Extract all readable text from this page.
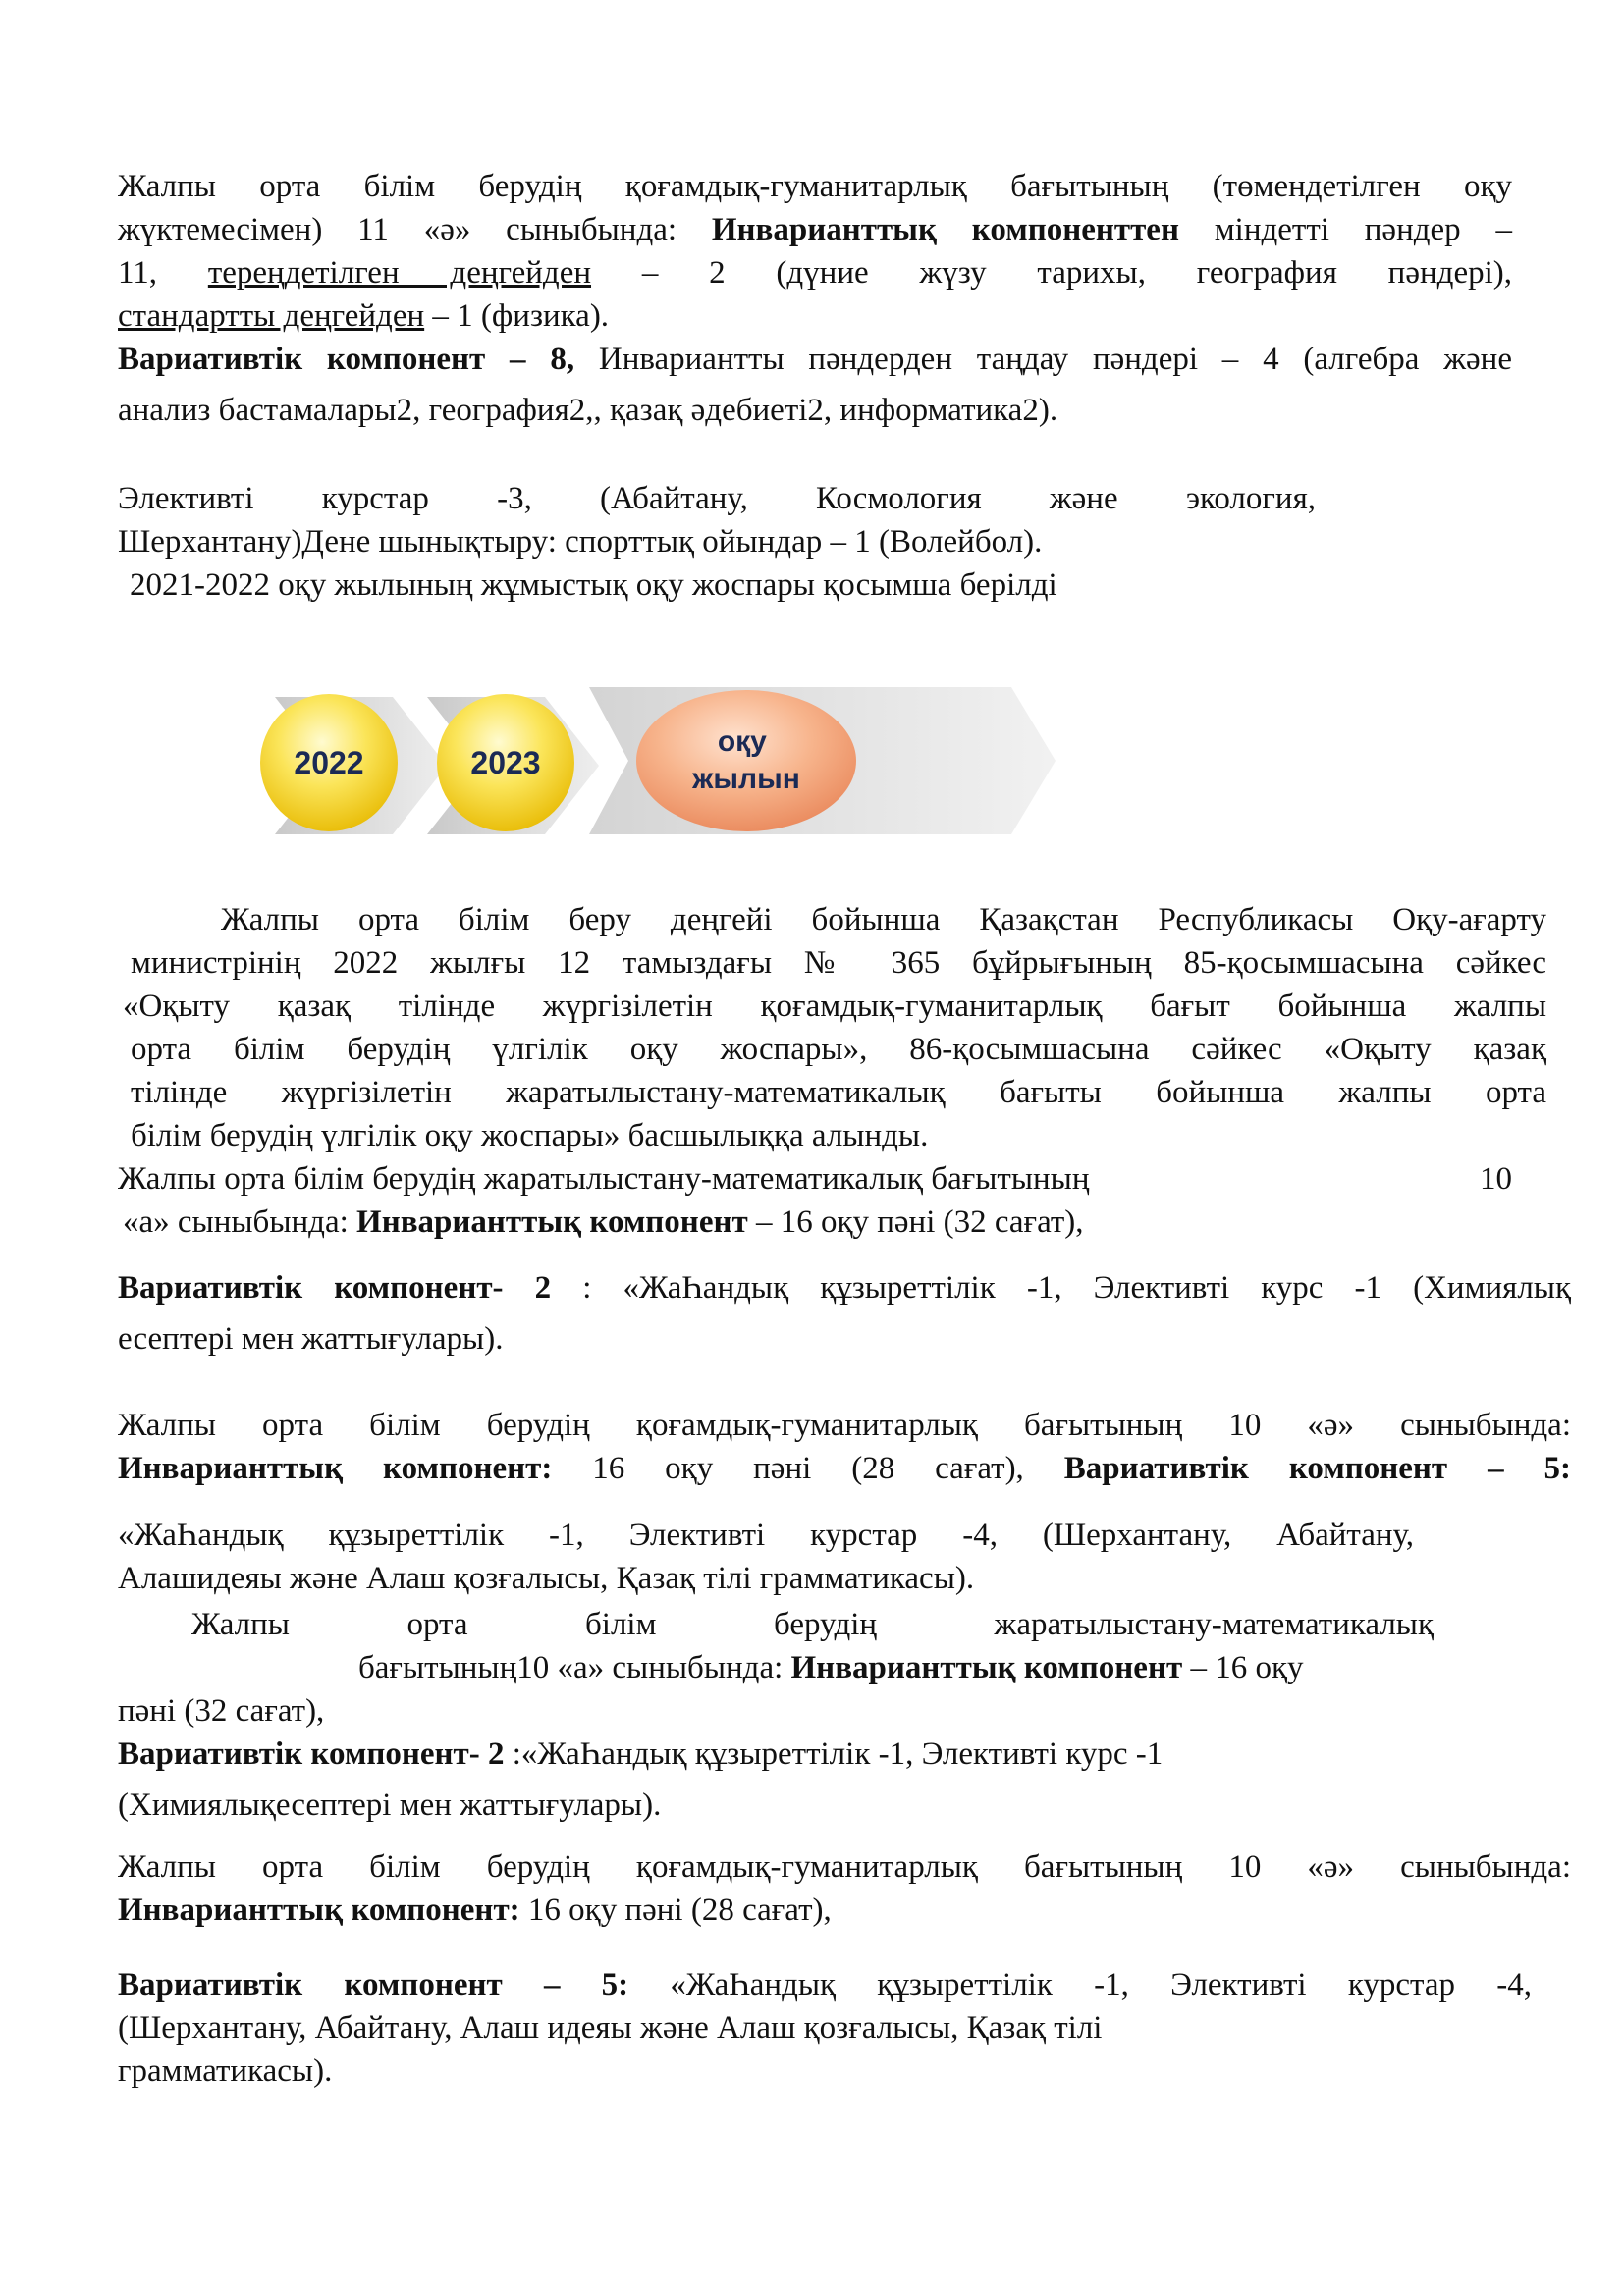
Жалпы орта білім берудің қоғамдық-гуманитарлық бағытының (төмендетілген оқу
жүктемесімен) 11 «ә» сыныбында: Инварианттық компоненттен міндетті пәндер –
11, тереңдетілген деңгейден – 2 (дүние жүзу тарихы, география пәндері),
стандартты деңгейден – 1 (физика).
Вариативтік компонент – 8, Инвариантты пәндерден таңдау пәндері – 4 (алгебра және
анализ бастамалары2, география2,, қазақ әдебиеті2, информатика2).
Элективті курстар -3, (Абайтану, Космология және экология,
Шерхантану)Дене шынықтыру: спорттық ойындар – 1 (Волейбол).
2021-2022 оқу жылының жұмыстық оқу жоспары қосымша берілді
2022	2023
оқу жылын
Жалпы орта білім беру деңгейі бойынша Қазақстан Республикасы Оқу-ағарту
министрінің 2022 жылғы 12 тамыздағы № 365 бұйрығының 85-қосымшасына сәйкес
«Оқыту қазақ тілінде жүргізілетін қоғамдық-гуманитарлық бағыт бойынша жалпы
орта білім берудің үлгілік оқу жоспары», 86-қосымшасына сәйкес «Оқыту қазақ
тілінде жүргізілетін жаратылыстану-математикалық бағыты бойынша жалпы орта
білім берудің үлгілік оқу жоспары» басшылыққа алынды.
Жалпы орта білім берудің жаратылыстану-математикалық бағытының	10
«а» сыныбында: Инварианттық компонент – 16 оқу пәні (32 сағат),
Вариативтік компонент- 2 : «ЖаҺандық құзыреттілік -1, Элективті курс -1 (Химиялық
есептері мен жаттығулары).
Жалпы орта білім берудің қоғамдық-гуманитарлық бағытының 10 «ә» сыныбында:
Инварианттық компонент: 16 оқу пәні (28 сағат), Вариативтік компонент – 5:
«ЖаҺандық құзыреттілік -1, Элективті курстар -4, (Шерхантану, Абайтану,
Алашидеяы және Алаш қозғалысы, Қазақ тілі грамматикасы).
Жалпы орта білім берудің жаратылыстану-математикалық
бағытының10 «а» сыныбында: Инварианттық компонент – 16 оқу
пәні (32 сағат),
Вариативтік компонент- 2 :«ЖаҺандық құзыреттілік -1, Элективті курс -1
(Химиялықесептері мен жаттығулары).
Жалпы орта білім берудің қоғамдық-гуманитарлық бағытының 10 «ә» сыныбында:
Инварианттық компонент: 16 оқу пәні (28 сағат),
Вариативтік компонент – 5: «ЖаҺандық құзыреттілік -1, Элективті курстар -4,
(Шерхантану, Абайтану, Алаш идеяы және Алаш қозғалысы, Қазақ тілі
грамматикасы).
